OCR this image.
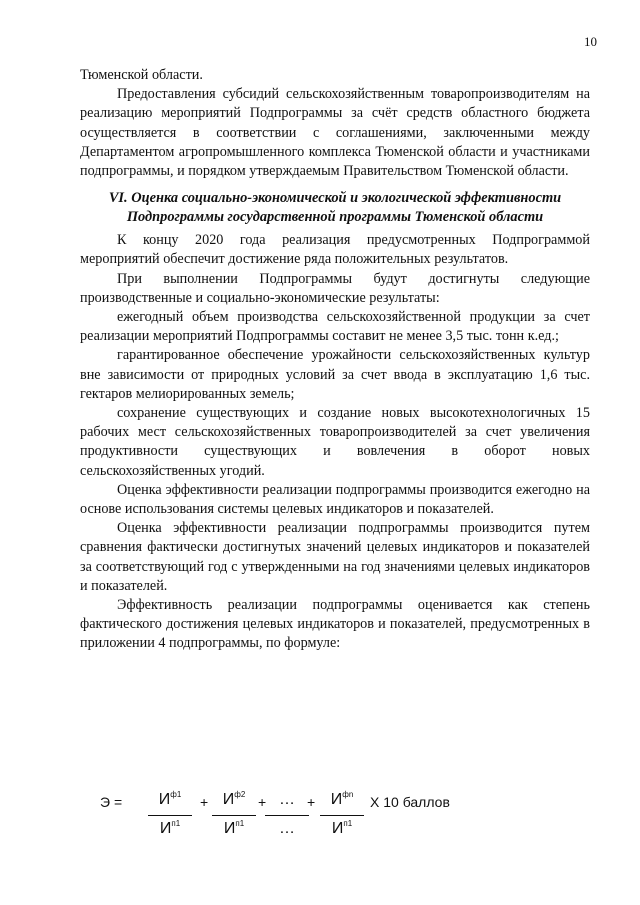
10

Тюменской области.

Предоставления субсидий сельскохозяйственным товаропроизводителям на реализацию мероприятий Подпрограммы за счёт средств областного бюджета осуществляется в соответствии с соглашениями, заключенными между Департаментом агропромышленного комплекса Тюменской области и участниками подпрограммы, и порядком утверждаемым Правительством Тюменской области.

VI. Оценка социально-экономической и экологической эффективности Подпрограммы государственной программы Тюменской области

К концу 2020 года реализация предусмотренных Подпрограммой мероприятий обеспечит достижение ряда положительных результатов.

При выполнении Подпрограммы будут достигнуты следующие производственные и социально-экономические результаты:

ежегодный объем производства сельскохозяйственной продукции за счет реализации мероприятий Подпрограммы составит не менее 3,5 тыс. тонн к.ед.;

гарантированное обеспечение урожайности сельскохозяйственных культур вне зависимости от природных условий за счет ввода в эксплуатацию 1,6 тыс. гектаров мелиорированных земель;

сохранение существующих и создание новых высокотехнологичных 15 рабочих мест сельскохозяйственных товаропроизводителей за счет увеличения продуктивности существующих и вовлечения в оборот новых сельскохозяйственных угодий.

Оценка эффективности реализации подпрограммы производится ежегодно на основе использования системы целевых индикаторов и показателей.

Оценка эффективности реализации подпрограммы производится путем сравнения фактически достигнутых значений целевых индикаторов и показателей за соответствующий год с утвержденными на год значениями целевых индикаторов и показателей.

Эффективность реализации подпрограммы оценивается как степень фактического достижения целевых индикаторов и показателей, предусмотренных в приложении 4 подпрограммы, по формуле:

Э =	$И^{ф1}$
$И^{п1}$
+ $И^{ф2}$
$И^{п1}$
+ …
…
+ $И^{фn}$
$И^{п1}$
Х 10 баллов
